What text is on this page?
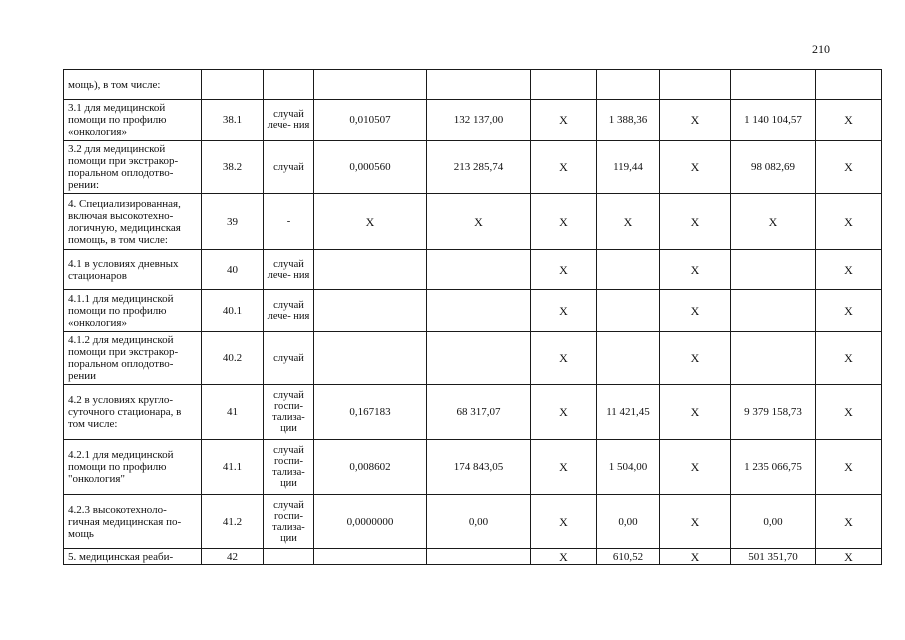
210
мощь), в том числе:									
3.1 для медицинской помощи по профилю «онкология»	38.1	случай лече- ния	0,010507	132 137,00	X	1 388,36	X	1 140 104,57	X
3.2 для медицинской помощи при экстракор- поральном оплодотво- рении:	38.2	случай	0,000560	213 285,74	X	119,44	X	98 082,69	X
4. Специализированная, включая высокотехно- логичную, медицинская помощь, в том числе:	39	-	X	X	X	X	X	X	X
4.1 в условиях дневных стационаров	40	случай лече- ния			X		X		X
4.1.1 для медицинской помощи по профилю «онкология»	40.1	случай лече- ния			X		X		X
4.1.2 для медицинской помощи при экстракор- поральном оплодотво- рении	40.2	случай			X		X		X
4.2 в условиях кругло- суточного стационара, в том числе:	41	случай госпи- тализа- ции	0,167183	68 317,07	X	11 421,45	X	9 379 158,73	X
4.2.1 для медицинской помощи по профилю "онкология"	41.1	случай госпи- тализа- ции	0,008602	174 843,05	X	1 504,00	X	1 235 066,75	X
4.2.3 высокотехноло- гичная медицинская по- мощь	41.2	случай госпи- тализа- ции	0,0000000	0,00	X	0,00	X	0,00	X
5. медицинская реаби-	42				X	610,52	X	501 351,70	X
